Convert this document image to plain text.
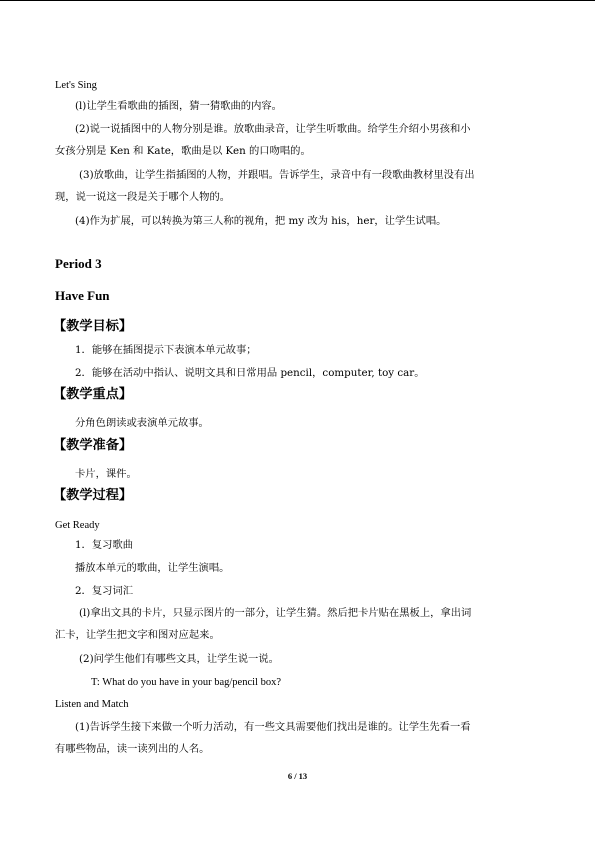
Let's Sing
(l)让学生看歌曲的插图，猜一猜歌曲的内容。
(2)说一说插图中的人物分别是谁。放歌曲录音，让学生听歌曲。给学生介绍小男孩和小
女孩分别是 Ken 和 Kate，歌曲是以 Ken 的口吻唱的。
(3)放歌曲，让学生指插图的人物，并跟唱。告诉学生，录音中有一段歌曲教材里没有出
现，说一说这一段是关于哪个人物的。
(4)作为扩展，可以转换为第三人称的视角，把 my 改为 his，her，让学生试唱。
Period 3
Have Fun
【教学目标】
1．能够在插图提示下表演本单元故事；
2．能够在活动中指认、说明文具和日常用品 pencil，computer, toy car。
【教学重点】
分角色朗读或表演单元故事。
【教学准备】
卡片，课件。
【教学过程】
Get Ready
1．复习歌曲
播放本单元的歌曲，让学生演唱。
2．复习词汇
(l)拿出文具的卡片，只显示图片的一部分，让学生猜。然后把卡片贴在黑板上，拿出词
汇卡，让学生把文字和图对应起来。
(2)问学生他们有哪些文具，让学生说一说。
T: What do you have in your bag/pencil box?
Listen and Match
(1)告诉学生接下来做一个听力活动，有一些文具需要他们找出是谁的。让学生先看一看
有哪些物品，读一读列出的人名。
6 / 13
